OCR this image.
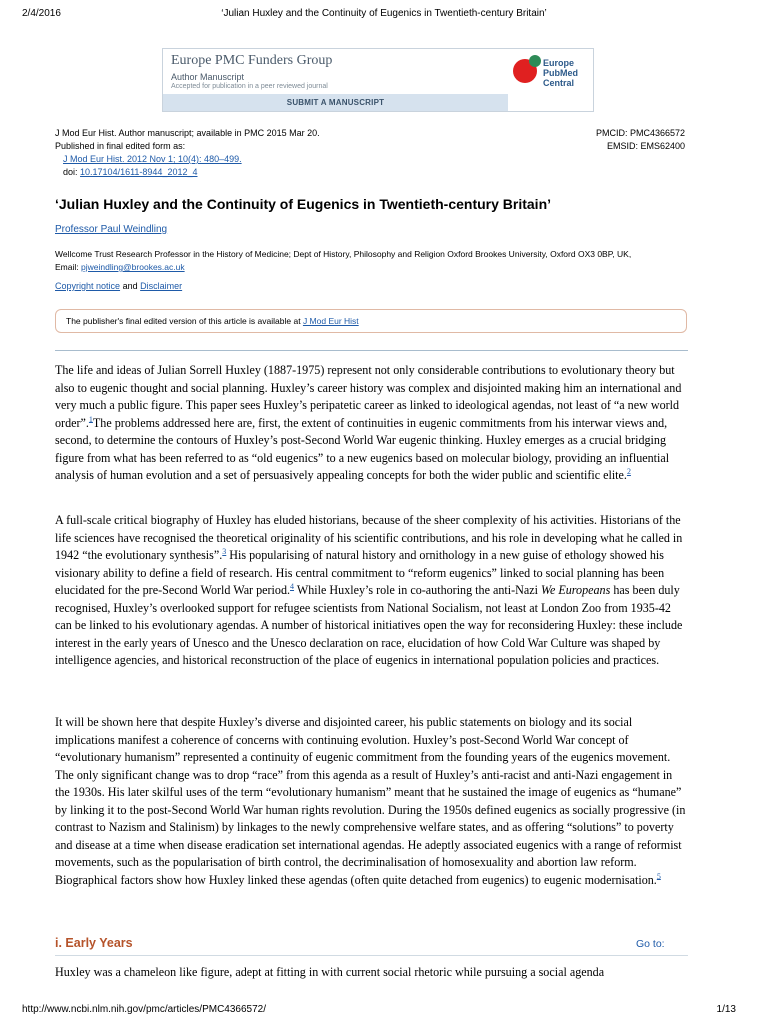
2/4/2016	‘Julian Huxley and the Continuity of Eugenics in Twentieth-century Britain’
Europe PMC Funders Group
Author Manuscript
Accepted for publication in a peer reviewed journal
SUBMIT A MANUSCRIPT
Europe
PubMed
Central
J Mod Eur Hist. Author manuscript; available in PMC 2015 Mar 20.
Published in final edited form as:
J Mod Eur Hist. 2012 Nov 1; 10(4): 480–499.
doi: 10.17104/1611-8944_2012_4
PMCID: PMC4366572
EMSID: EMS62400
‘Julian Huxley and the Continuity of Eugenics in Twentieth-century Britain’
Professor Paul Weindling
Wellcome Trust Research Professor in the History of Medicine; Dept of History, Philosophy and Religion Oxford Brookes University, Oxford OX3 0BP, UK,
Email: pjweindling@brookes.ac.uk
Copyright notice and Disclaimer
The publisher's final edited version of this article is available at J Mod Eur Hist

The life and ideas of Julian Sorrell Huxley (1887-1975) represent not only considerable contributions to evolutionary theory but also to eugenic thought and social planning. Huxley’s career history was complex and disjointed making him an international and very much a public figure. This paper sees Huxley’s peripatetic career as linked to ideological agendas, not least of “a new world order”.$^1$The problems addressed here are, first, the extent of continuities in eugenic commitments from his interwar views and, second, to determine the contours of Huxley’s post-Second World War eugenic thinking. Huxley emerges as a crucial bridging figure from what has been referred to as “old eugenics” to a new eugenics based on molecular biology, providing an influential analysis of human evolution and a set of persuasively appealing concepts for both the wider public and scientific elite.$^2$

A full-scale critical biography of Huxley has eluded historians, because of the sheer complexity of his activities. Historians of the life sciences have recognised the theoretical originality of his scientific contributions, and his role in developing what he called in 1942 “the evolutionary synthesis”.$^3$ His popularising of natural history and ornithology in a new guise of ethology showed his visionary ability to define a field of research. His central commitment to “reform eugenics” linked to social planning has been elucidated for the pre-Second World War period.$^4$ While Huxley’s role in co-authoring the anti-Nazi We Europeans has been duly recognised, Huxley’s overlooked support for refugee scientists from National Socialism, not least at London Zoo from 1935-42 can be linked to his evolutionary agendas. A number of historical initiatives open the way for reconsidering Huxley: these include interest in the early years of Unesco and the Unesco declaration on race, elucidation of how Cold War Culture was shaped by intelligence agencies, and historical reconstruction of the place of eugenics in international population policies and practices.

It will be shown here that despite Huxley’s diverse and disjointed career, his public statements on biology and its social implications manifest a coherence of concerns with continuing evolution. Huxley’s post-Second World War concept of “evolutionary humanism” represented a continuity of eugenic commitment from the founding years of the eugenics movement. The only significant change was to drop “race” from this agenda as a result of Huxley’s anti-racist and anti-Nazi engagement in the 1930s. His later skilful uses of the term “evolutionary humanism” meant that he sustained the image of eugenics as “humane” by linking it to the post-Second World War human rights revolution. During the 1950s defined eugenics as socially progressive (in contrast to Nazism and Stalinism) by linkages to the newly comprehensive welfare states, and as offering “solutions” to poverty and disease at a time when disease eradication set international agendas. He adeptly associated eugenics with a range of reformist movements, such as the popularisation of birth control, the decriminalisation of homosexuality and abortion law reform. Biographical factors show how Huxley linked these agendas (often quite detached from eugenics) to eugenic modernisation.$^5$

i. Early Years	Go to:

Huxley was a chameleon like figure, adept at fitting in with current social rhetoric while pursuing a social agenda

http://www.ncbi.nlm.nih.gov/pmc/articles/PMC4366572/	1/13
